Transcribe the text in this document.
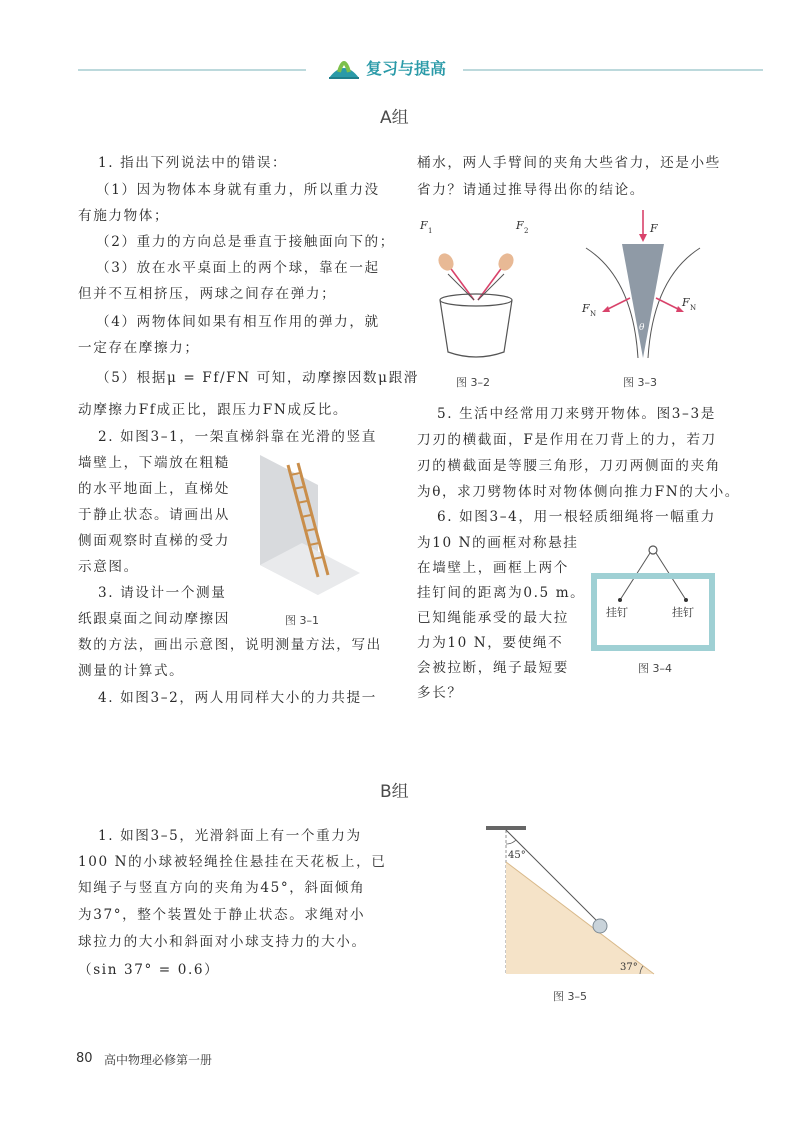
复习与提高
A组

1. 指出下列说法中的错误：

（1）因为物体本身就有重力，所以重力没

有施力物体；

（2）重力的方向总是垂直于接触面向下的；

（3）放在水平桌面上的两个球，靠在一起

但并不互相挤压，两球之间存在弹力；

（4）两物体间如果有相互作用的弹力，就

一定存在摩擦力；

（5）根据μ = Ff/FN 可知，动摩擦因数μ跟滑

动摩擦力Ff成正比，跟压力FN成反比。

2. 如图3–1，一架直梯斜靠在光滑的竖直

墙壁上，下端放在粗糙

的水平地面上，直梯处

于静止状态。请画出从

侧面观察时直梯的受力

示意图。

3. 请设计一个测量

纸跟桌面之间动摩擦因

数的方法，画出示意图，说明测量方法，写出

测量的计算式。

4. 如图3–2，两人用同样大小的力共提一

图 3–1

桶水，两人手臂间的夹角大些省力，还是小些

省力？请通过推导得出你的结论。

5. 生活中经常用刀来劈开物体。图3–3是

刀刃的横截面，F是作用在刀背上的力，若刀

刃的横截面是等腰三角形，刀刃两侧面的夹角

为θ，求刀劈物体时对物体侧向推力FN的大小。

6. 如图3–4，用一根轻质细绳将一幅重力

为10 N的画框对称悬挂

在墙壁上，画框上两个

挂钉间的距离为0.5 m。

已知绳能承受的最大拉

力为10 N，要使绳不

会被拉断，绳子最短要

多长？

F 1	F 2
图 3–2
F
F N
F N
θ
图 3–3
挂钉	挂钉
图 3–4
B组

1. 如图3–5，光滑斜面上有一个重力为

100 N的小球被轻绳拴住悬挂在天花板上，已

知绳子与竖直方向的夹角为45°，斜面倾角

为37°，整个装置处于静止状态。求绳对小

球拉力的大小和斜面对小球支持力的大小。

（sin 37° = 0.6）

45°
37°
图 3–5
80 高中物理必修第一册
